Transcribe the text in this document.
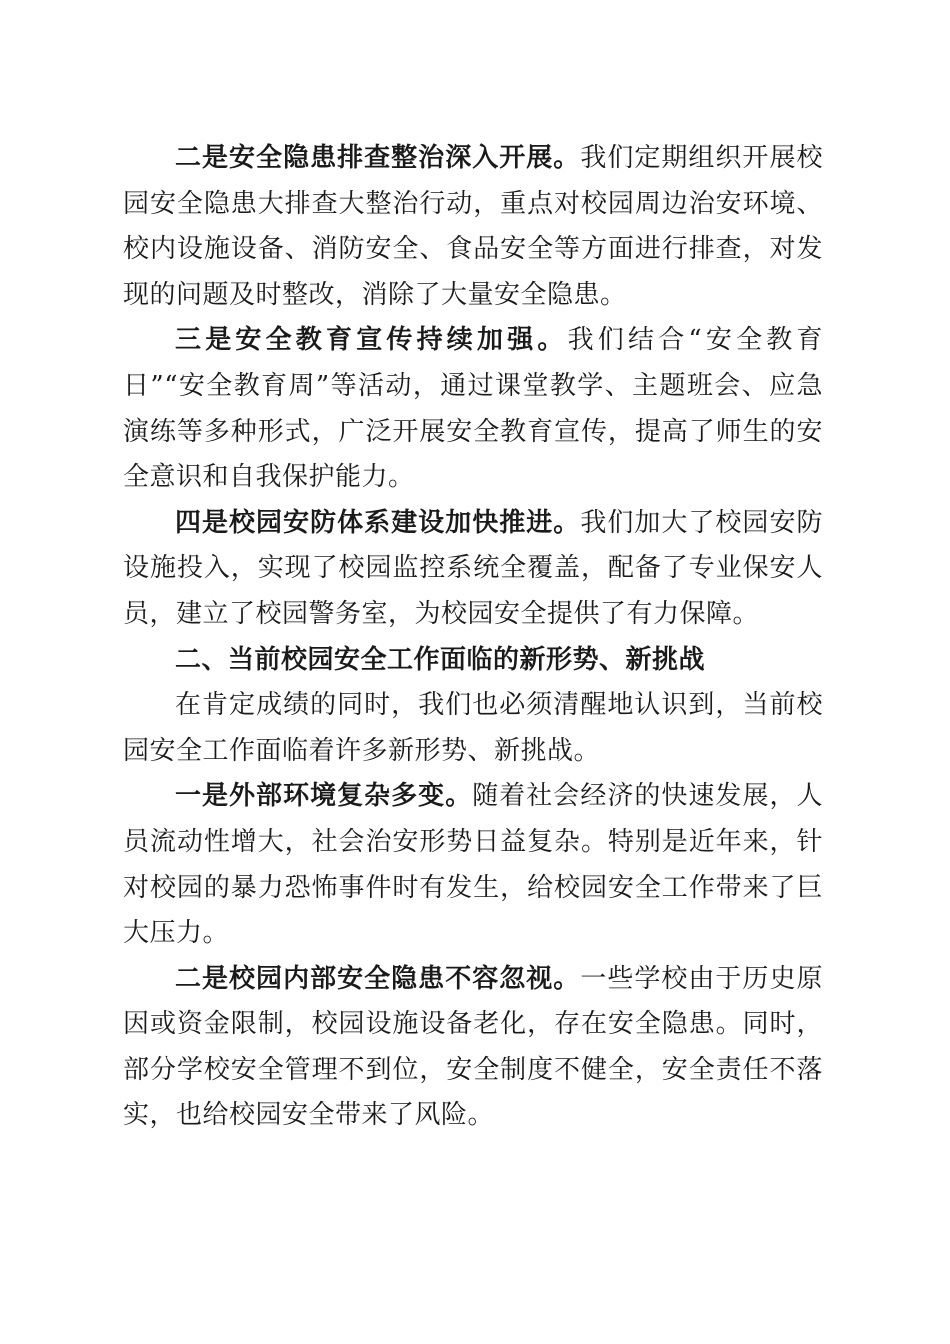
二是安全隐患排查整治深入开展。我们定期组织开展校园安全隐患大排查大整治行动，重点对校园周边治安环境、校内设施设备、消防安全、食品安全等方面进行排查，对发现的问题及时整改，消除了大量安全隐患。

三是安全教育宣传持续加强。我们结合“安全教育日”“安全教育周”等活动，通过课堂教学、主题班会、应急演练等多种形式，广泛开展安全教育宣传，提高了师生的安全意识和自我保护能力。

四是校园安防体系建设加快推进。我们加大了校园安防设施投入，实现了校园监控系统全覆盖，配备了专业保安人员，建立了校园警务室，为校园安全提供了有力保障。

二、当前校园安全工作面临的新形势、新挑战

在肯定成绩的同时，我们也必须清醒地认识到，当前校园安全工作面临着许多新形势、新挑战。

一是外部环境复杂多变。随着社会经济的快速发展，人员流动性增大，社会治安形势日益复杂。特别是近年来，针对校园的暴力恐怖事件时有发生，给校园安全工作带来了巨大压力。

二是校园内部安全隐患不容忽视。一些学校由于历史原因或资金限制，校园设施设备老化，存在安全隐患。同时，部分学校安全管理不到位，安全制度不健全，安全责任不落实，也给校园安全带来了风险。
